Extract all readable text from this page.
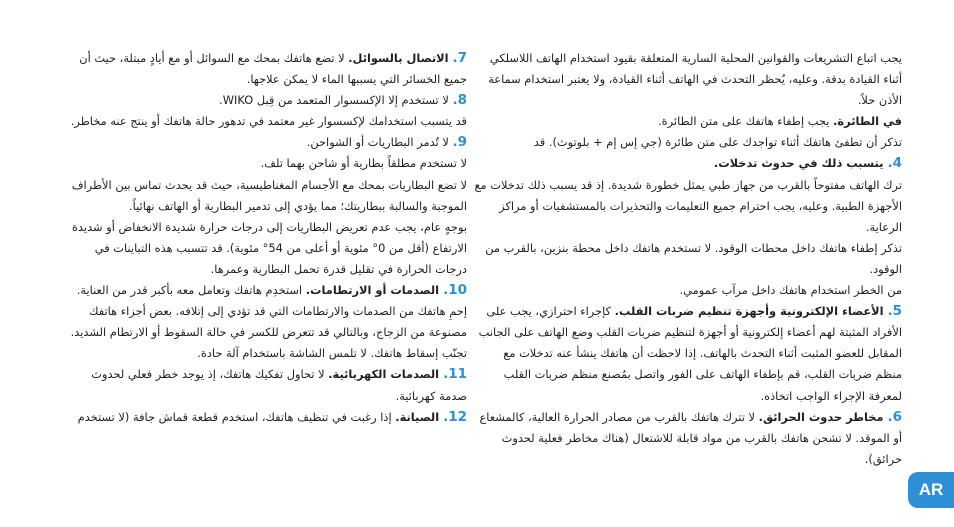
يجب اتباع التشريعات والقوانين المحلية السارية المتعلقة بقيود استخدام الهاتف اللاسلكي أثناء القيادة بدقة. وعليه، يُحظر التحدث في الهاتف أثناء القيادة، ولا يعتبر استخدام سماعة الأذن حلاً.

في الطائرة. يجب إطفاء هاتفك على متن الطائرة.

تذكر أن تطفئ هاتفك أثناء تواجدك على متن طائرة (جي إس إم + بلوتوث). قد

4. يتسبب ذلك في حدوث تدخلات.

ترك الهاتف مفتوحاً بالقرب من جهاز طبي يمثل خطورة شديدة. إذ قد يسبب ذلك تدخلات مع الأجهزة الطبية. وعليه، يجب احترام جميع التعليمات والتحذيرات بالمستشفيات أو مراكز الرعاية.

تذكر إطفاء هاتفك داخل محطات الوقود. لا تستخدم هاتفك داخل محطة بنزين، بالقرب من الوقود.

من الخطر استخدام هاتفك داخل مرآب عمومي.

5. الأعضاء الإلكترونية وأجهزة تنظيم ضربات القلب. كإجراء احترازي، يجب على الأفراد المثبتة لهم أعضاء إلكترونية أو أجهزة لتنظيم ضربات القلب وضع الهاتف على الجانب المقابل للعضو المثبت أثناء التحدث بالهاتف. إذا لاحظت أن هاتفك ينشأ عنه تدخلات مع منظم ضربات القلب، قم بإطفاء الهاتف على الفور واتصل بمُصنع منظم ضربات القلب لمعرفة الإجراء الواجب اتخاذه.

6. مخاطر حدوث الحرائق. لا تترك هاتفك بالقرب من مصادر الحرارة العالية، كالمشعاع أو الموقد. لا تشحن هاتفك بالقرب من مواد قابلة للاشتعال (هناك مخاطر فعلية لحدوث حرائق).

7. الاتصال بالسوائل. لا تضع هاتفك بمحك مع السوائل أو مع أيادٍ مبتلة، حيث أن جميع الخسائر التي يسببها الماء لا يمكن علاجها.

8. لا تستخدم إلا الإكسسوار المتعمد من قِبل WIKO.

قد يتسبب استخدامك لإكسسوار غير معتمد في تدهور حالة هاتفك أو ينتج عنه مخاطر.

9. لا تُدمر البطاريات أو الشواحن.

لا تستخدم مطلقاً بطارية أو شاحن بهما تلف.

لا تضع البطاريات بمحك مع الأجسام المغناطيسية، حيث قد يحدث تماس بين الأطراف الموجبة والسالبة ببطاريتك؛ مما يؤدي إلى تدمير البطارية أو الهاتف نهائياً.

بوجهٍ عام، يجب عدم تعريض البطاريات إلى درجات حرارة شديدة الانخفاض أو شديدة الارتفاع (أقل من 0° مئوية أو أعلى من 54° مئوية). قد تتسبب هذه التباينات في درجات الحرارة في تقليل قدرة تحمل البطارية وعمرها.

10. الصدمات أو الارتطامات. استخدِم هاتفك وتعامل معه بأكبر قدر من العناية. إحمِ هاتفك من الصدمات والارتطامات التي قد تؤدي إلى إتلافه. بعض أجزاء هاتفك مصنوعة من الزجاج، وبالتالي قد تتعرض للكسر في حالة السقوط أو الارتطام الشديد. تجنّب إسقاط هاتفك. لا تلمس الشاشة باستخدام آلة حادة.

11. الصدمات الكهربائية. لا تحاول تفكيك هاتفك، إذ يوجد خطر فعلي لحدوث صدمة كهربائية.

12. الصيانة. إذا رغبت في تنظيف هاتفك، استخدم قطعة قماش جافة (لا تستخدم

AR
